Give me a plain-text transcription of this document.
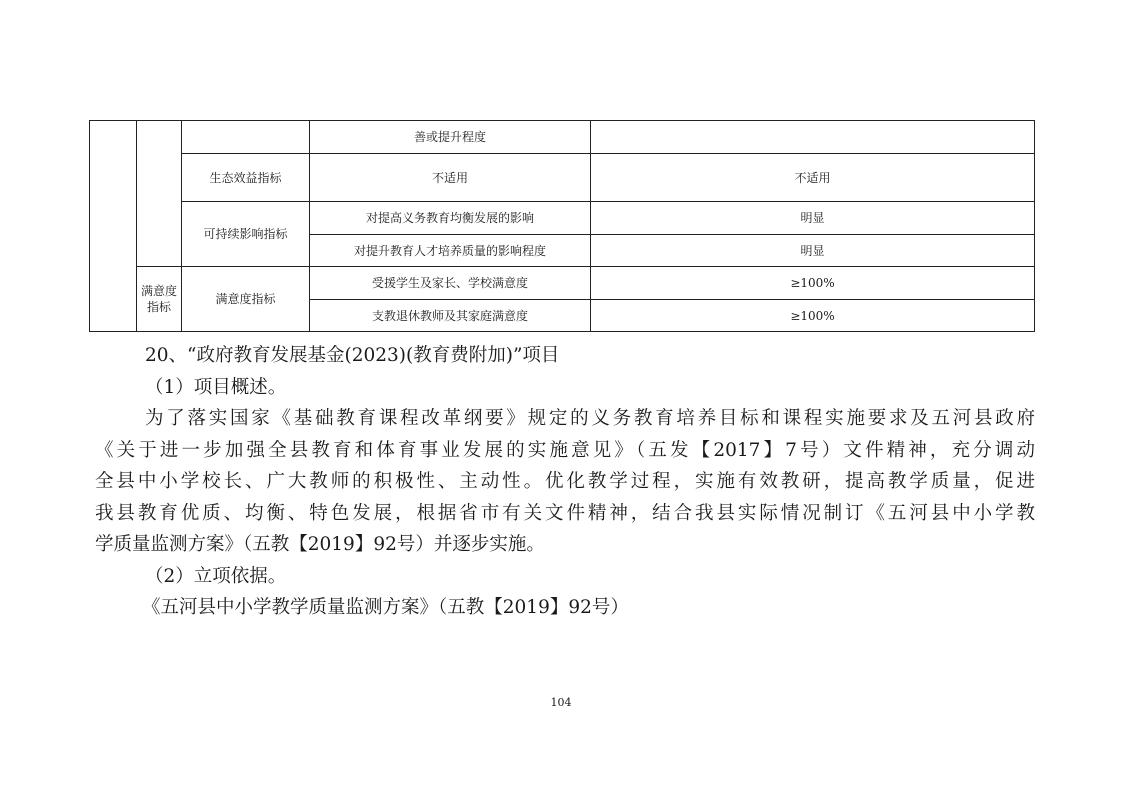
			善或提升程度	
		生态效益指标	不适用	不适用
		可持续影响指标	对提高义务教育均衡发展的影响	明显
			对提升教育人才培养质量的影响程度	明显
	满意度指标	满意度指标	受援学生及家长、学校满意度	≥100%
			支教退休教师及其家庭满意度	≥100%

20、“政府教育发展基金(2023)(教育费附加)”项目

（1）项目概述。

为了落实国家《基础教育课程改革纲要》规定的义务教育培养目标和课程实施要求及五河县政府

《关于进一步加强全县教育和体育事业发展的实施意见》（五发【2017】7号）文件精神，充分调动

全县中小学校长、广大教师的积极性、主动性。优化教学过程，实施有效教研，提高教学质量，促进

我县教育优质、均衡、特色发展，根据省市有关文件精神，结合我县实际情况制订《五河县中小学教

学质量监测方案》（五教【2019】92号）并逐步实施。

（2）立项依据。

《五河县中小学教学质量监测方案》（五教【2019】92号）

104
